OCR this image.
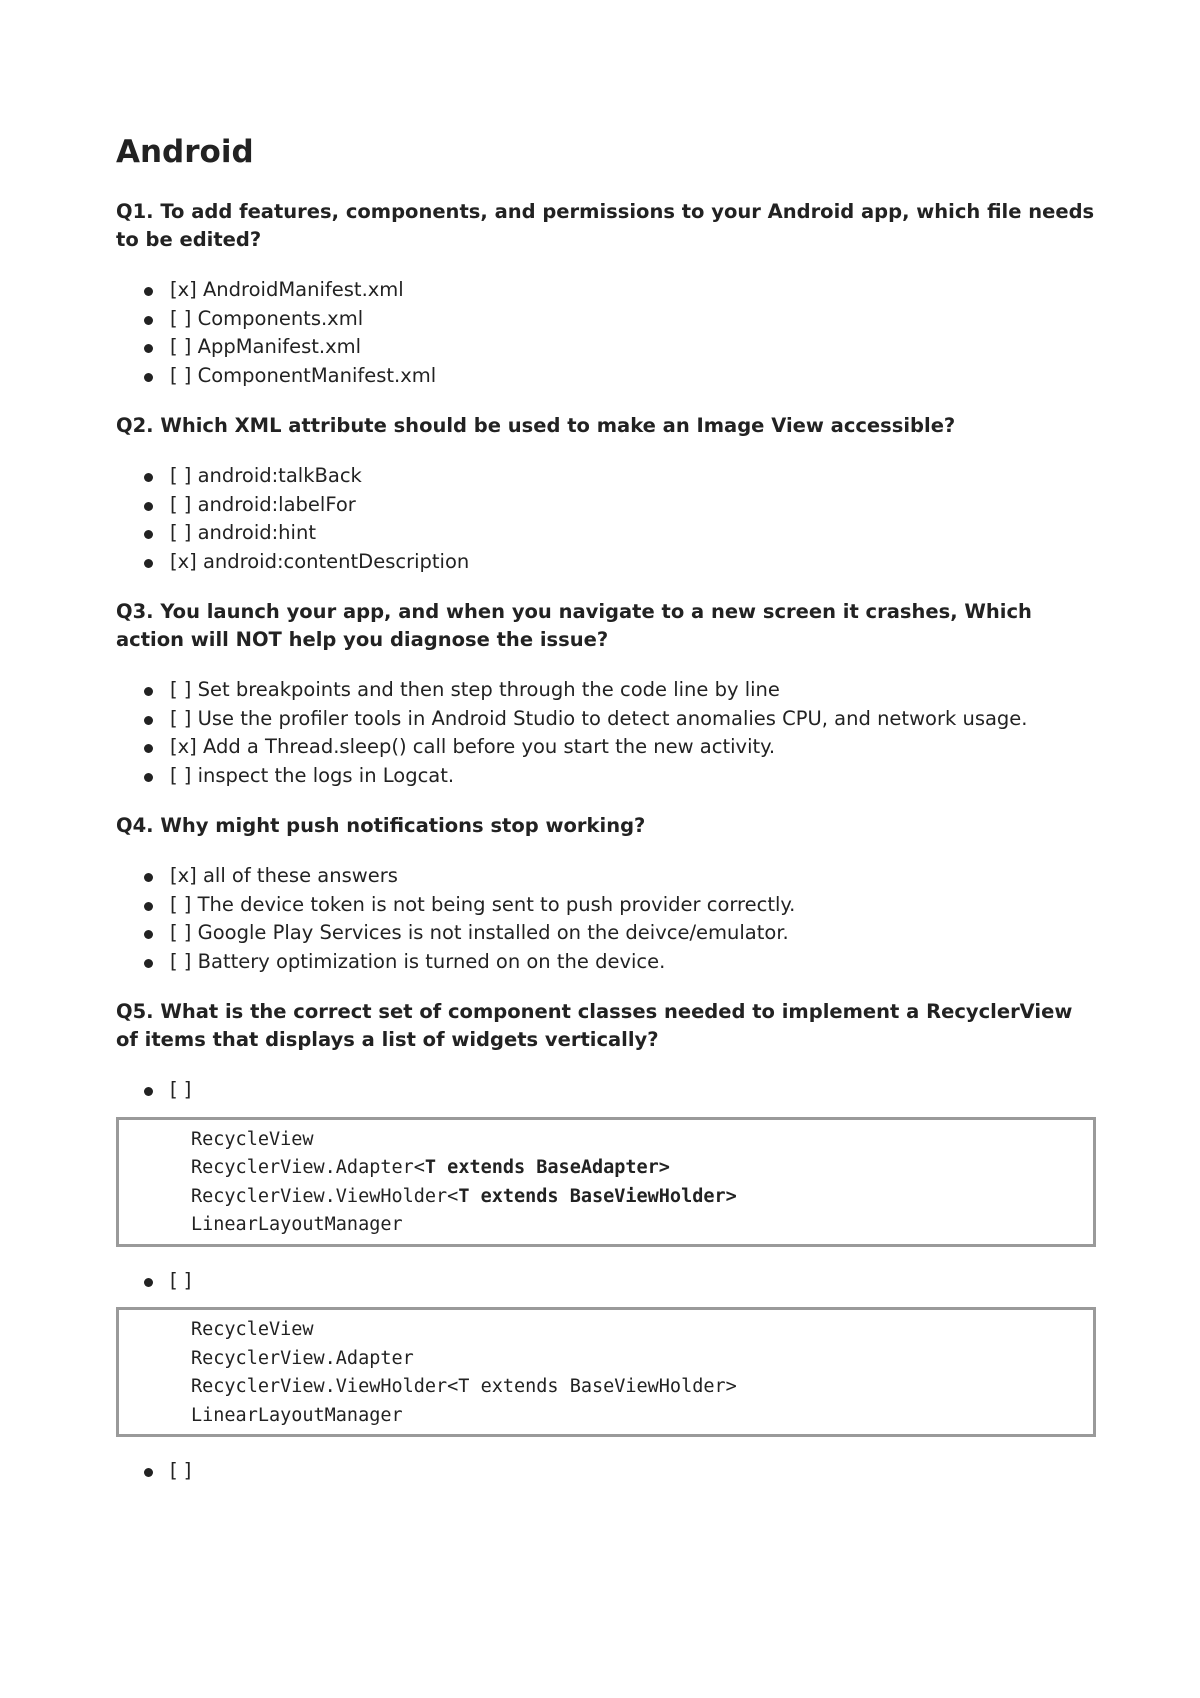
Android
Q1. To add features, components, and permissions to your Android app, which file needs to be edited?
[x] AndroidManifest.xml
[ ] Components.xml
[ ] AppManifest.xml
[ ] ComponentManifest.xml
Q2. Which XML attribute should be used to make an Image View accessible?
[ ] android:talkBack
[ ] android:labelFor
[ ] android:hint
[x] android:contentDescription
Q3. You launch your app, and when you navigate to a new screen it crashes, Which action will NOT help you diagnose the issue?
[ ] Set breakpoints and then step through the code line by line
[ ] Use the profiler tools in Android Studio to detect anomalies CPU, and network usage.
[x] Add a Thread.sleep() call before you start the new activity.
[ ] inspect the logs in Logcat.
Q4. Why might push notifications stop working?
[x] all of these answers
[ ] The device token is not being sent to push provider correctly.
[ ] Google Play Services is not installed on the deivce/emulator.
[ ] Battery optimization is turned on on the device.
Q5. What is the correct set of component classes needed to implement a RecyclerView of items that displays a list of widgets vertically?
[ ]
RecycleView
RecyclerView.Adapter<T extends BaseAdapter>
RecyclerView.ViewHolder<T extends BaseViewHolder>
LinearLayoutManager
[ ]
RecycleView
RecyclerView.Adapter
RecyclerView.ViewHolder<T extends BaseViewHolder>
LinearLayoutManager
[ ]
